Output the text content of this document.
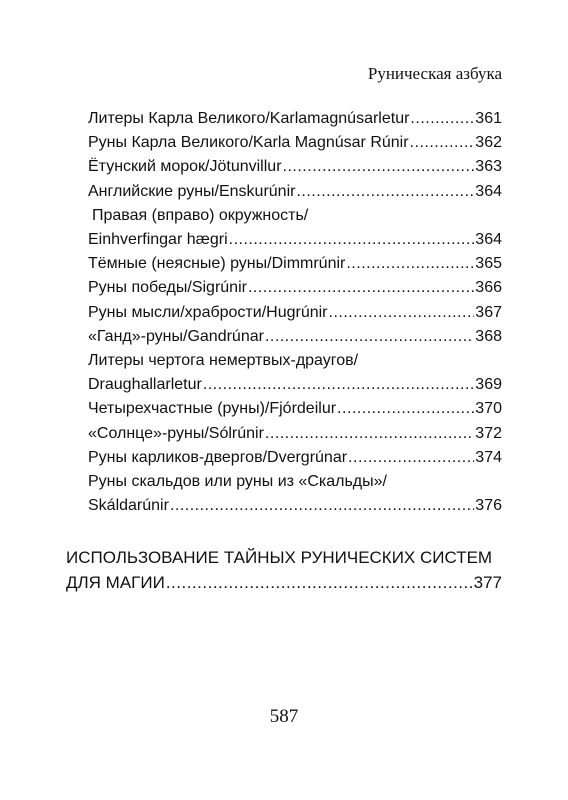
Руническая азбука
Литеры Карла Великого/Karlamagnúsarletur .....	361
Руны Карла Великого/Karla Magnúsar Rúnir .....	362
Ётунский морок/Jötunvillur .....	363
Английские руны/Enskurúnir .....	364
Правая (вправо) окружность/
Einhverfingar hægri .....	364
Тёмные (неясные) руны/Dimmrúnir .....	365
Руны победы/Sigrúnir .....	366
Руны мысли/храбрости/Hugrúnir .....	367
«Ганд»-руны/Gandrúnar .....	368
Литеры чертога немертвых-драугов/
Draughallarletur .....	369
Четырехчастные (руны)/Fjórdeilur .....	370
«Солнце»-руны/Sólrúnir .....	372
Руны карликов-двергов/Dvergrúnar .....	374
Руны скальдов или руны из «Скальды»/
Skáldarúnir .....	376
ИСПОЛЬЗОВАНИЕ ТАЙНЫХ РУНИЧЕСКИХ СИСТЕМ
ДЛЯ МАГИИ .....	377
587
